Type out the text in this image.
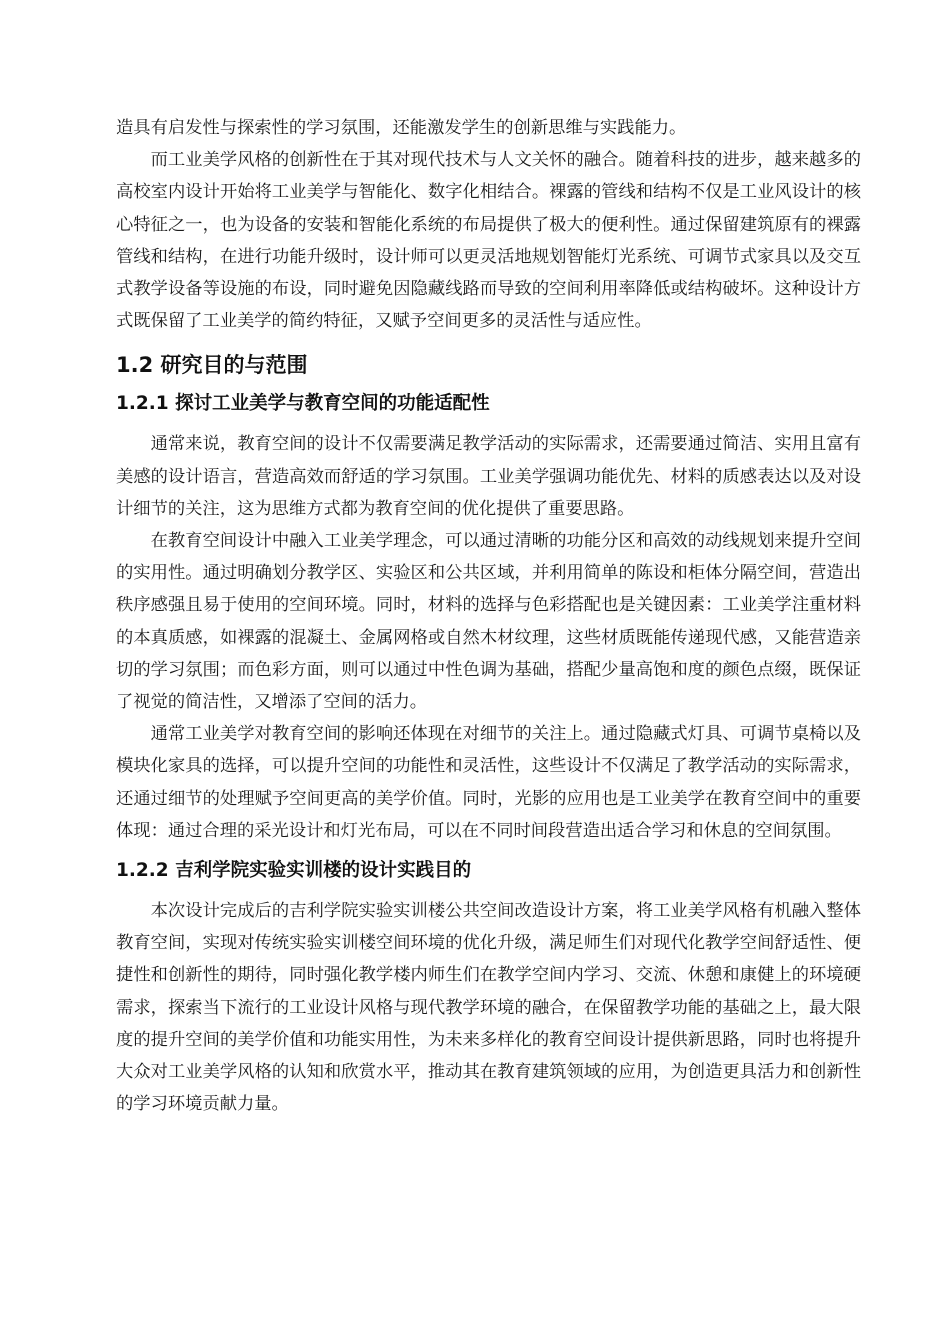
造具有启发性与探索性的学习氛围，还能激发学生的创新思维与实践能力。

而工业美学风格的创新性在于其对现代技术与人文关怀的融合。随着科技的进步，越来越多的高校室内设计开始将工业美学与智能化、数字化相结合。裸露的管线和结构不仅是工业风设计的核心特征之一，也为设备的安装和智能化系统的布局提供了极大的便利性。通过保留建筑原有的裸露管线和结构，在进行功能升级时，设计师可以更灵活地规划智能灯光系统、可调节式家具以及交互式教学设备等设施的布设，同时避免因隐藏线路而导致的空间利用率降低或结构破坏。这种设计方式既保留了工业美学的简约特征，又赋予空间更多的灵活性与适应性。

1.2 研究目的与范围
1.2.1 探讨工业美学与教育空间的功能适配性

通常来说，教育空间的设计不仅需要满足教学活动的实际需求，还需要通过简洁、实用且富有美感的设计语言，营造高效而舒适的学习氛围。工业美学强调功能优先、材料的质感表达以及对设计细节的关注，这为思维方式都为教育空间的优化提供了重要思路。

在教育空间设计中融入工业美学理念，可以通过清晰的功能分区和高效的动线规划来提升空间的实用性。通过明确划分教学区、实验区和公共区域，并利用简单的陈设和柜体分隔空间，营造出秩序感强且易于使用的空间环境。同时，材料的选择与色彩搭配也是关键因素：工业美学注重材料的本真质感，如裸露的混凝土、金属网格或自然木材纹理，这些材质既能传递现代感，又能营造亲切的学习氛围；而色彩方面，则可以通过中性色调为基础，搭配少量高饱和度的颜色点缀，既保证了视觉的简洁性，又增添了空间的活力。

通常工业美学对教育空间的影响还体现在对细节的关注上。通过隐藏式灯具、可调节桌椅以及模块化家具的选择，可以提升空间的功能性和灵活性，这些设计不仅满足了教学活动的实际需求，还通过细节的处理赋予空间更高的美学价值。同时，光影的应用也是工业美学在教育空间中的重要体现：通过合理的采光设计和灯光布局，可以在不同时间段营造出适合学习和休息的空间氛围。

1.2.2 吉利学院实验实训楼的设计实践目的

本次设计完成后的吉利学院实验实训楼公共空间改造设计方案，将工业美学风格有机融入整体教育空间，实现对传统实验实训楼空间环境的优化升级，满足师生们对现代化教学空间舒适性、便捷性和创新性的期待，同时强化教学楼内师生们在教学空间内学习、交流、休憩和康健上的环境硬需求，探索当下流行的工业设计风格与现代教学环境的融合，在保留教学功能的基础之上，最大限度的提升空间的美学价值和功能实用性，为未来多样化的教育空间设计提供新思路，同时也将提升大众对工业美学风格的认知和欣赏水平，推动其在教育建筑领域的应用，为创造更具活力和创新性的学习环境贡献力量。
